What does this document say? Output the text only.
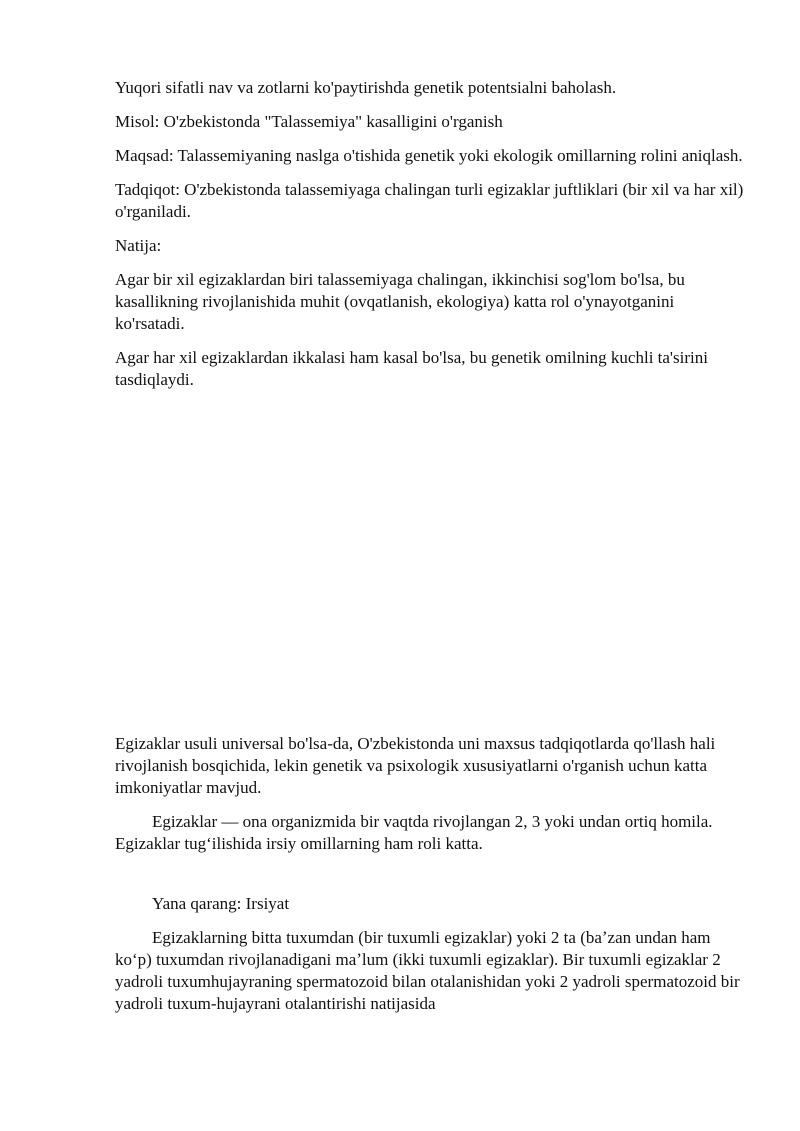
Yuqori sifatli nav va zotlarni ko'paytirishda genetik potentsialni baholash.

Misol: O'zbekistonda "Talassemiya" kasalligini o'rganish

Maqsad: Talassemiyaning naslga o'tishida genetik yoki ekologik omillarning rolini aniqlash.

Tadqiqot: O'zbekistonda talassemiyaga chalingan turli egizaklar juftliklari (bir xil va har xil) o'rganiladi.

Natija:

Agar bir xil egizaklardan biri talassemiyaga chalingan, ikkinchisi sog'lom bo'lsa, bu kasallikning rivojlanishida muhit (ovqatlanish, ekologiya) katta rol o'ynayotganini ko'rsatadi.

Agar har xil egizaklardan ikkalasi ham kasal bo'lsa, bu genetik omilning kuchli ta'sirini tasdiqlaydi.

Egizaklar usuli universal bo'lsa-da, O'zbekistonda uni maxsus tadqiqotlarda qo'llash hali rivojlanish bosqichida, lekin genetik va psixologik xususiyatlarni o'rganish uchun katta imkoniyatlar mavjud.

Egizaklar — ona organizmida bir vaqtda rivojlangan 2, 3 yoki undan ortiq homila. Egizaklar tug‘ilishida irsiy omillarning ham roli katta.

Yana qarang: Irsiyat

Egizaklarning bitta tuxumdan (bir tuxumli egizaklar) yoki 2 ta (baʼzan undan ham koʻp) tuxumdan rivojlanadigani maʼlum (ikki tuxumli egizaklar). Bir tuxumli egizaklar 2 yadroli tuxumhujayraning spermatozoid bilan otalanishidan yoki 2 yadroli spermatozoid bir yadroli tuxum-hujayrani otalantirishi natijasida
